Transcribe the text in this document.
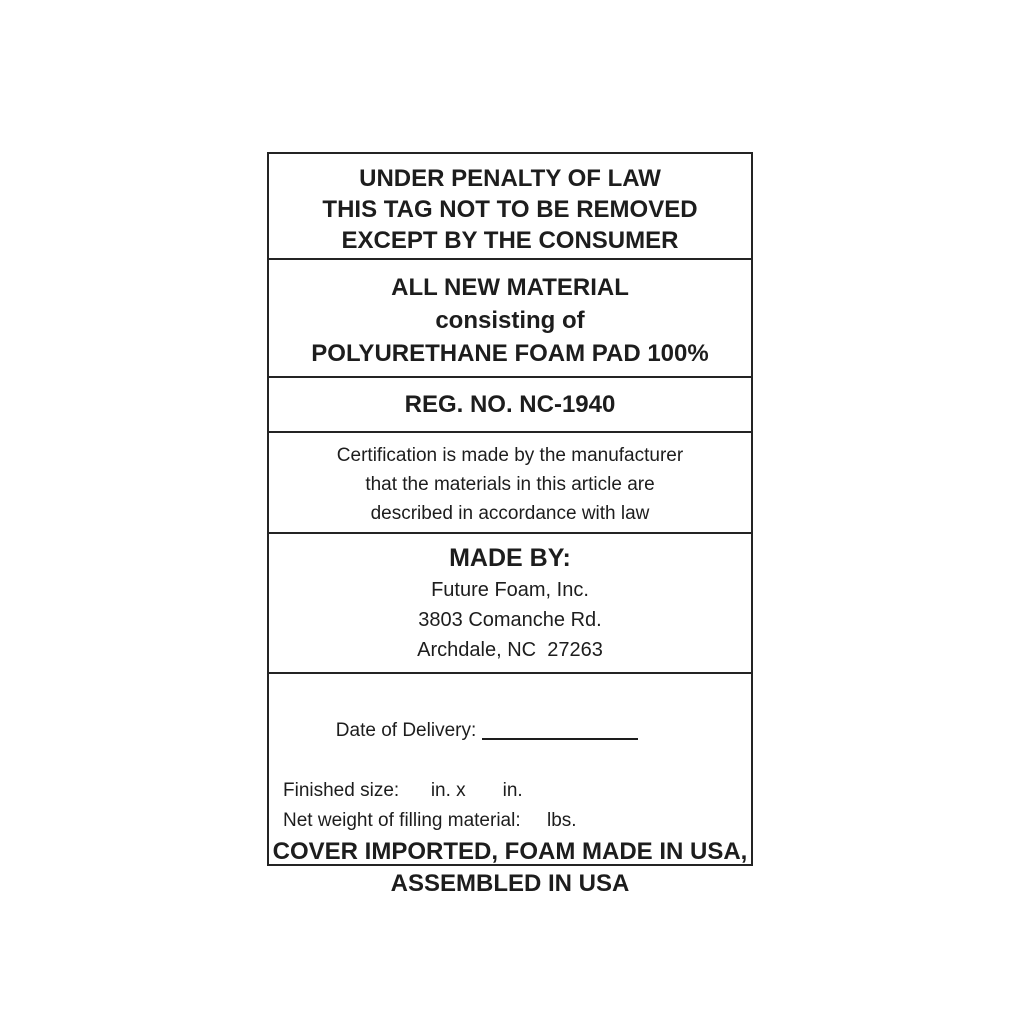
UNDER PENALTY OF LAW
THIS TAG NOT TO BE REMOVED
EXCEPT BY THE CONSUMER
ALL NEW MATERIAL
consisting of
POLYURETHANE FOAM PAD 100%
REG. NO. NC-1940
Certification is made by the manufacturer
that the materials in this article are
described in accordance with law
MADE BY:
Future Foam, Inc.
3803 Comanche Rd.
Archdale, NC  27263

Date of Delivery:

Finished size:      in. x       in.
Net weight of filling material:     lbs.
COVER IMPORTED, FOAM MADE IN USA,
ASSEMBLED IN USA
